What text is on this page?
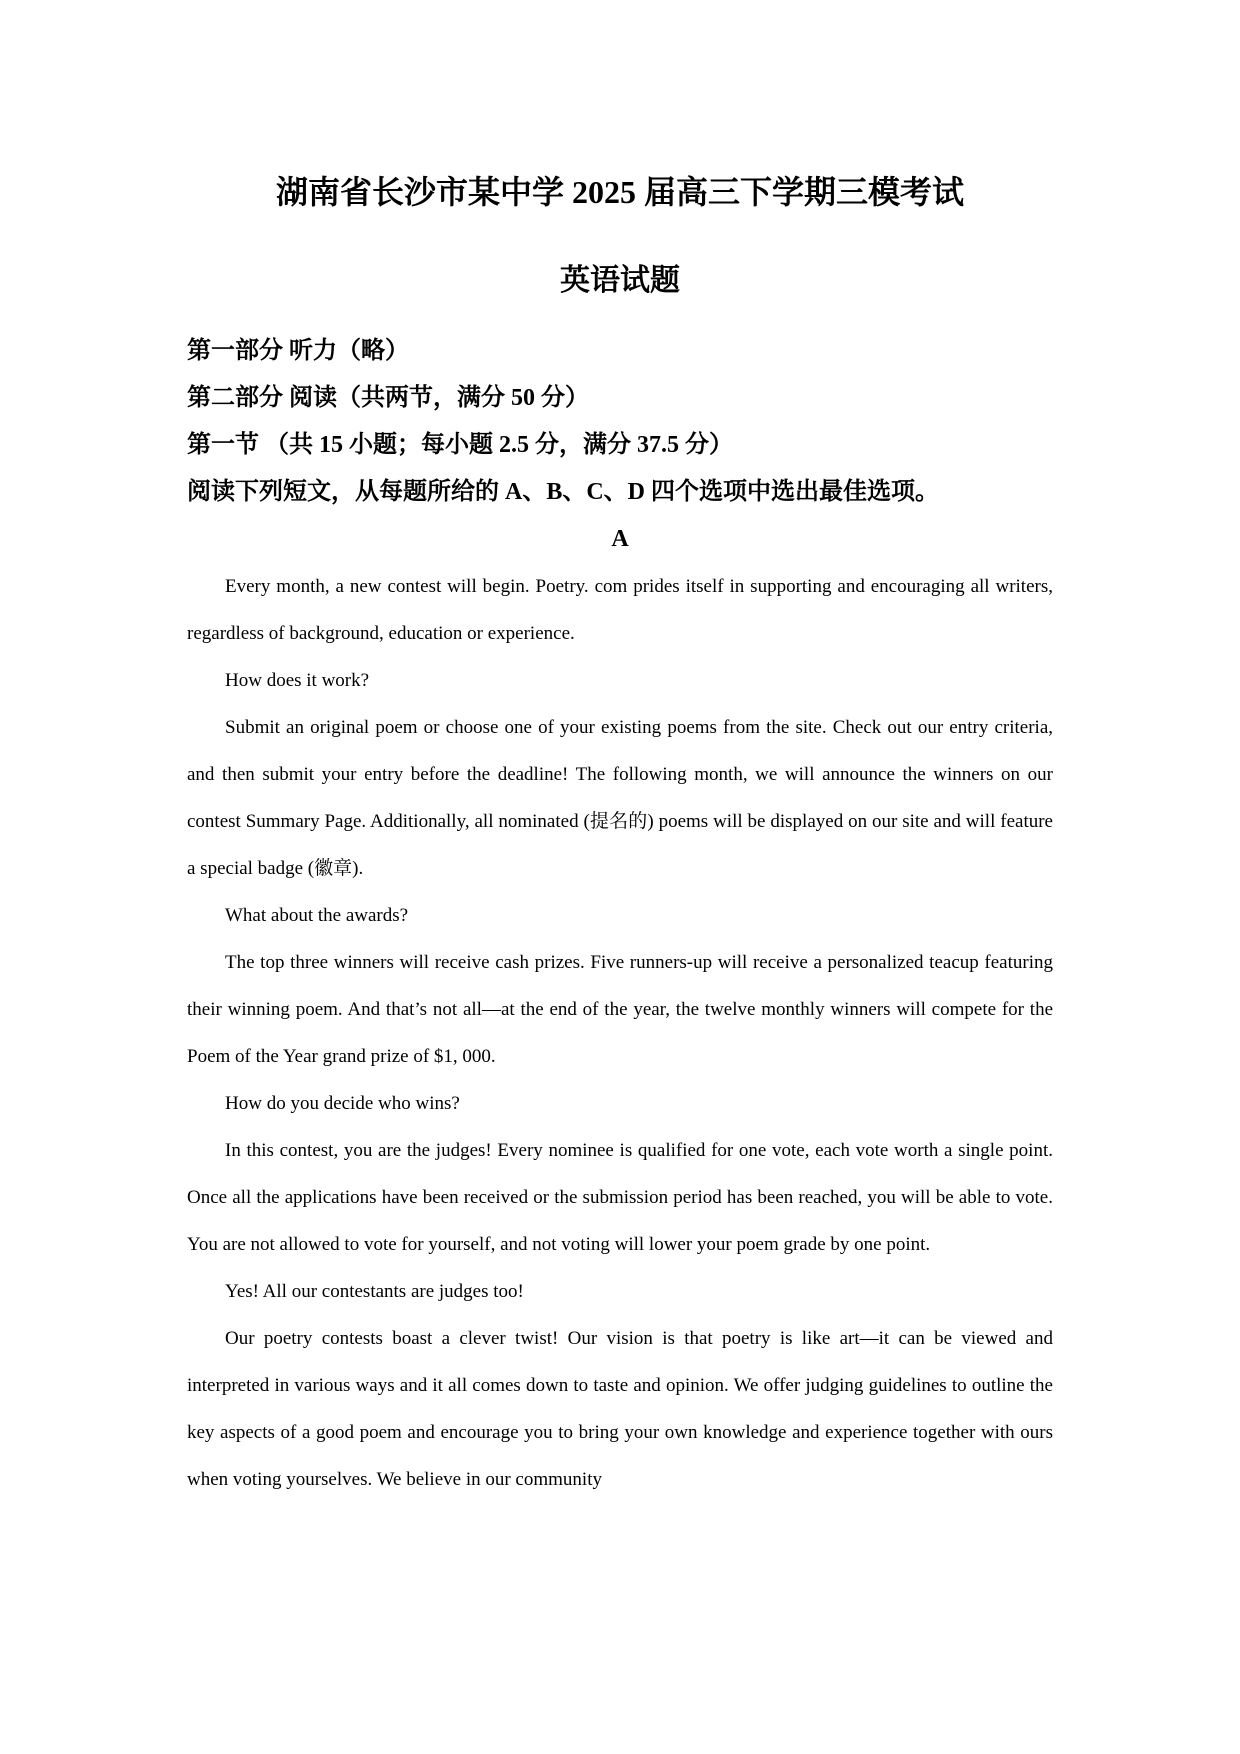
湖南省长沙市某中学 2025 届高三下学期三模考试
英语试题
第一部分 听力（略）
第二部分 阅读（共两节，满分 50 分）
第一节 （共 15 小题；每小题 2.5 分，满分 37.5 分）
阅读下列短文，从每题所给的 A、B、C、D 四个选项中选出最佳选项。
A

Every month, a new contest will begin. Poetry. com prides itself in supporting and encouraging all writers, regardless of background, education or experience.

How does it work?

Submit an original poem or choose one of your existing poems from the site. Check out our entry criteria, and then submit your entry before the deadline! The following month, we will announce the winners on our contest Summary Page. Additionally, all nominated (提名的) poems will be displayed on our site and will feature a special badge (徽章).

What about the awards?

The top three winners will receive cash prizes. Five runners-up will receive a personalized teacup featuring their winning poem. And that’s not all—at the end of the year, the twelve monthly winners will compete for the Poem of the Year grand prize of $1, 000.

How do you decide who wins?

In this contest, you are the judges! Every nominee is qualified for one vote, each vote worth a single point. Once all the applications have been received or the submission period has been reached, you will be able to vote. You are not allowed to vote for yourself, and not voting will lower your poem grade by one point.

Yes! All our contestants are judges too!

Our poetry contests boast a clever twist! Our vision is that poetry is like art—it can be viewed and interpreted in various ways and it all comes down to taste and opinion. We offer judging guidelines to outline the key aspects of a good poem and encourage you to bring your own knowledge and experience together with ours when voting yourselves. We believe in our community
